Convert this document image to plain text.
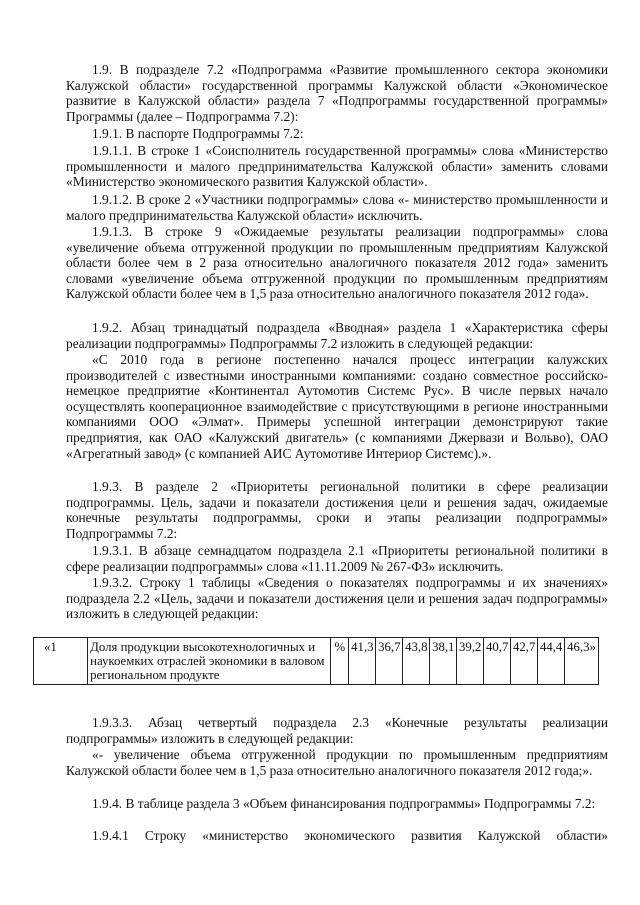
1.9. В подразделе 7.2 «Подпрограмма «Развитие промышленного сектора экономики Калужской области» государственной программы Калужской области «Экономическое развитие в Калужской области» раздела 7 «Подпрограммы государственной программы» Программы (далее – Подпрограмма 7.2):

1.9.1. В паспорте Подпрограммы 7.2:

1.9.1.1. В строке 1 «Соисполнитель государственной программы» слова «Министерство промышленности и малого предпринимательства Калужской области» заменить словами «Министерство экономического развития Калужской области».

1.9.1.2. В сроке 2 «Участники подпрограммы» слова «- министерство промышленности и малого предпринимательства Калужской области» исключить.

1.9.1.3. В строке 9 «Ожидаемые результаты реализации подпрограммы» слова «увеличение объема отгруженной продукции по промышленным предприятиям Калужской области более чем в 2 раза относительно аналогичного показателя 2012 года» заменить словами «увеличение объема отгруженной продукции по промышленным предприятиям Калужской области более чем в 1,5 раза относительно аналогичного показателя 2012 года».

1.9.2. Абзац тринадцатый подраздела «Вводная» раздела 1 «Характеристика сферы реализации подпрограммы» Подпрограммы 7.2 изложить в следующей редакции:

«С 2010 года в регионе постепенно начался процесс интеграции калужских производителей с известными иностранными компаниями: создано совместное российско-немецкое предприятие «Континентал Аутомотив Системс Рус». В числе первых начало осуществлять кооперационное взаимодействие с присутствующими в регионе иностранными компаниями ООО «Элмат». Примеры успешной интеграции демонстрируют такие предприятия, как ОАО «Калужский двигатель» (с компаниями Джервази и Вольво), ОАО «Агрегатный завод» (с компанией АИС Аутомотиве Интериор Системс).».

1.9.3. В разделе 2 «Приоритеты региональной политики в сфере реализации подпрограммы. Цель, задачи и показатели достижения цели и решения задач, ожидаемые конечные результаты подпрограммы, сроки и этапы реализации подпрограммы» Подпрограммы 7.2:

1.9.3.1. В абзаце семнадцатом подраздела 2.1 «Приоритеты региональной политики в сфере реализации подпрограммы» слова «11.11.2009 № 267-ФЗ» исключить.

1.9.3.2. Строку 1 таблицы «Сведения о показателях подпрограммы и их значениях» подраздела 2.2 «Цель, задачи и показатели достижения цели и решения задач подпрограммы» изложить в следующей редакции:

«1	Доля продукции высокотехнологичных и наукоемких отраслей экономики в валовом региональном продукте	%	41,3	36,7	43,8	38,1	39,2	40,7	42,7	44,4	46,3»

1.9.3.3. Абзац четвертый подраздела 2.3 «Конечные результаты реализации подпрограммы» изложить в следующей редакции:

«- увеличение объема отгруженной продукции по промышленным предприятиям Калужской области более чем в 1,5 раза относительно аналогичного показателя 2012 года;».

1.9.4. В таблице раздела 3 «Объем финансирования подпрограммы» Подпрограммы 7.2:

1.9.4.1 Строку «министерство экономического развития Калужской области»
